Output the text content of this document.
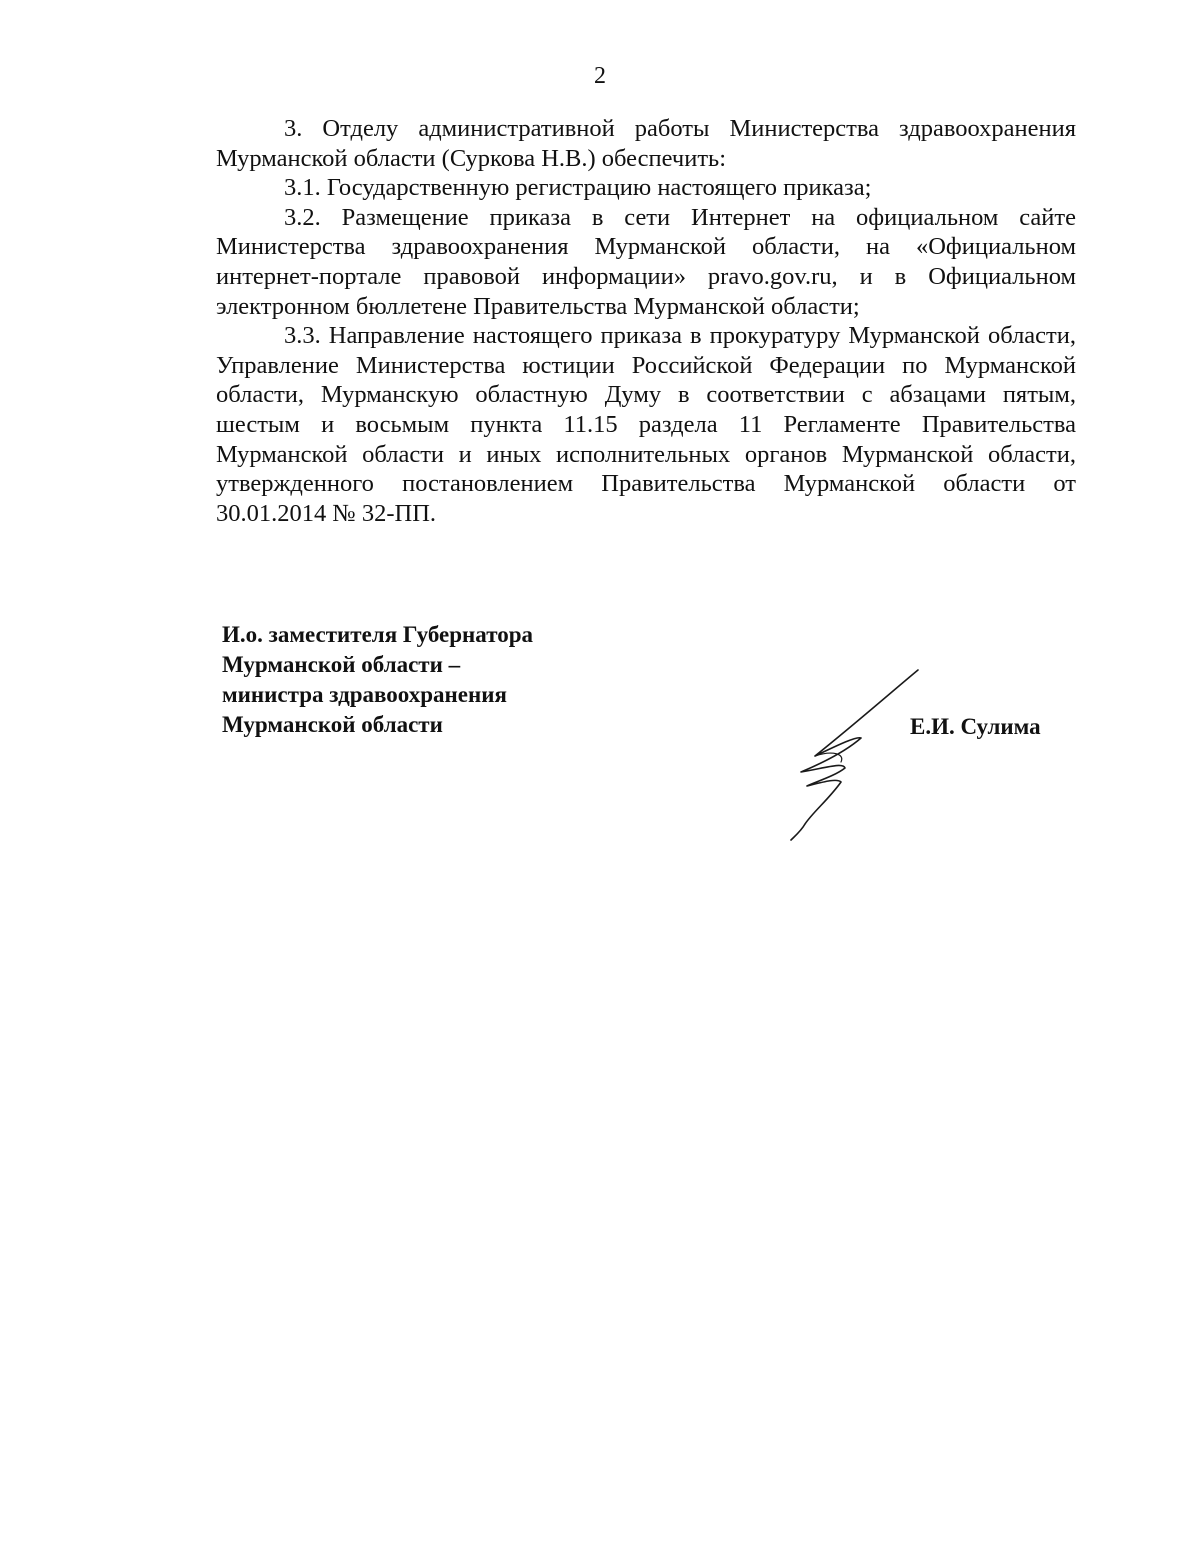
2

3. Отделу административной работы Министерства здравоохранения Мурманской области (Суркова Н.В.) обеспечить:

3.1. Государственную регистрацию настоящего приказа;

3.2. Размещение приказа в сети Интернет на официальном сайте Министерства здравоохранения Мурманской области, на «Официальном интернет-портале правовой информации» pravo.gov.ru, и в Официальном электронном бюллетене Правительства Мурманской области;

3.3. Направление настоящего приказа в прокуратуру Мурманской области, Управление Министерства юстиции Российской Федерации по Мурманской области, Мурманскую областную Думу в соответствии с абзацами пятым, шестым и восьмым пункта 11.15 раздела 11 Регламенте Правительства Мурманской области и иных исполнительных органов Мурманской области, утвержденного постановлением Правительства Мурманской области от 30.01.2014 № 32-ПП.

И.о. заместителя Губернатора
Мурманской области –
министра здравоохранения
Мурманской области	Е.И. Сулима
